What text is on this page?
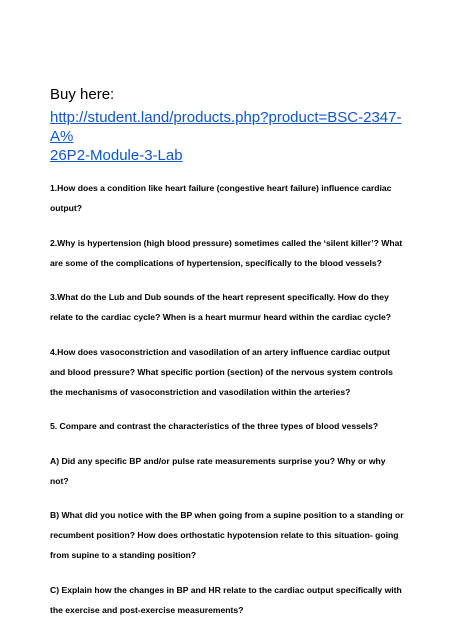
Buy here:
http://student.land/products.php?product=BSC-2347-A%
26P2-Module-3-Lab
1.How does a condition like heart failure (congestive heart failure) influence cardiac output?
2.Why is hypertension (high blood pressure) sometimes called the ‘silent killer’? What are some of the complications of hypertension, specifically to the blood vessels?
3.What do the Lub and Dub sounds of the heart represent specifically. How do they relate to the cardiac cycle? When is a heart murmur heard within the cardiac cycle?
4.How does vasoconstriction and vasodilation of an artery influence cardiac output and blood pressure? What specific portion (section) of the nervous system controls the mechanisms of vasoconstriction and vasodilation within the arteries?
5. Compare and contrast the characteristics of the three types of blood vessels?
A) Did any specific BP and/or pulse rate measurements surprise you? Why or why not?
B) What did you notice with the BP when going from a supine position to a standing or recumbent position? How does orthostatic hypotension relate to this situation- going from supine to a standing position?
C) Explain how the changes in BP and HR relate to the cardiac output specifically with the exercise and post-exercise measurements?
